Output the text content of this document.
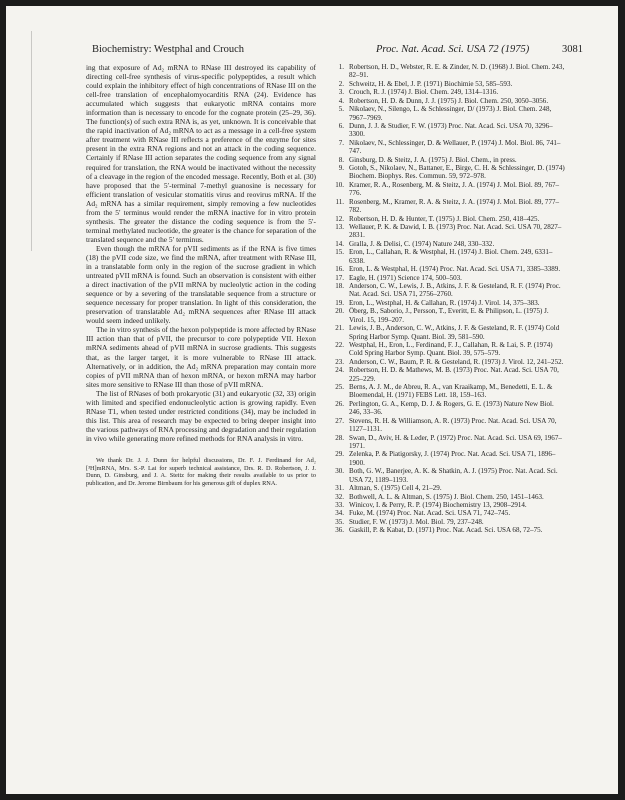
Biochemistry: Westphal and Crouch	Proc. Nat. Acad. Sci. USA 72 (1975)	3081

ing that exposure of Ad₂ mRNA to RNase III destroyed its capability of directing cell-free synthesis of virus-specific polypeptides, a result which could explain the inhibitory effect of high concentrations of RNase III on the cell-free translation of encephalomyocarditis RNA (24). Evidence has accumulated which suggests that eukaryotic mRNA contains more information than is necessary to encode for the cognate protein (25–29, 36). The function(s) of such extra RNA is, as yet, unknown. It is conceivable that the rapid inactivation of Ad₂ mRNA to act as a message in a cell-free system after treatment with RNase III reflects a preference of the enzyme for sites present in the extra RNA regions and not an attack in the coding sequence. Certainly if RNase III action separates the coding sequence from any signal required for translation, the RNA would be inactivated without the necessity of a cleavage in the region of the encoded message. Recently, Both et al. (30) have proposed that the 5′-terminal 7-methyl guanosine is necessary for efficient translation of vesicular stomatitis virus and reovirus mRNA. If the Ad₂ mRNA has a similar requirement, simply removing a few nucleotides from the 5′ terminus would render the mRNA inactive for in vitro protein synthesis. The greater the distance the coding sequence is from the 5′-terminal methylated nucleotide, the greater is the chance for separation of the translated sequence and the 5′ terminus.

Even though the mRNA for pVII sediments as if the RNA is five times (18) the pVII code size, we find the mRNA, after treatment with RNase III, in a translatable form only in the region of the sucrose gradient in which untreated pVII mRNA is found. Such an observation is consistent with either a direct inactivation of the pVII mRNA by nucleolytic action in the coding sequence or by a severing of the translatable sequence from a structure or sequence necessary for proper translation. In light of this consideration, the preservation of translatable Ad₂ mRNA sequences after RNase III attack would seem indeed unlikely.

The in vitro synthesis of the hexon polypeptide is more affected by RNase III action than that of pVII, the precursor to core polypeptide VII. Hexon mRNA sediments ahead of pVII mRNA in sucrose gradients. This suggests that, as the larger target, it is more vulnerable to RNase III attack. Alternatively, or in addition, the Ad₂ mRNA preparation may contain more copies of pVII mRNA than of hexon mRNA, or hexon mRNA may harbor sites more sensitive to RNase III than those of pVII mRNA.

The list of RNases of both prokaryotic (31) and eukaryotic (32, 33) origin with limited and specified endonucleolytic action is growing rapidly. Even RNase T1, when tested under restricted conditions (34), may be included in this list. This area of research may be expected to bring deeper insight into the various pathways of RNA processing and degradation and their regulation in vivo while generating more refined methods for RNA analysis in vitro.

We thank Dr. J. J. Dunn for helpful discussions, Dr. F. J. Ferdinand for Ad₂ [³H]mRNA, Mrs. S.-P. Lai for superb technical assistance, Drs. R. D. Robertson, J. J. Dunn, D. Ginsburg, and J. A. Steitz for making their results available to us prior to publication, and Dr. Jerome Birnbaum for his generous gift of duplex RNA.

1. Robertson, H. D., Webster, R. E. & Zinder, N. D. (1968) J. Biol. Chem. 243, 82–91.
2. Schweitz, H. & Ebel, J. P. (1971) Biochimie 53, 585–593.
3. Crouch, R. J. (1974) J. Biol. Chem. 249, 1314–1316.
4. Robertson, H. D. & Dunn, J. J. (1975) J. Biol. Chem. 250, 3050–3056.
5. Nikolaev, N., Silengo, L. & Schlessinger, D/ (1973) J. Biol. Chem. 248, 7967–7969.
6. Dunn, J. J. & Studier, F. W. (1973) Proc. Nat. Acad. Sci. USA 70, 3296–3300.
7. Nikolaev, N., Schlessinger, D. & Wellauer, P. (1974) J. Mol. Biol. 86, 741–747.
8. Ginsburg, D. & Steitz, J. A. (1975) J. Biol. Chem., in press.
9. Gotoh, S., Nikolaev, N., Battaner, E., Birge, C. H. & Schlessinger, D. (1974) Biochem. Biophys. Res. Commun. 59, 972–978.
10. Kramer, R. A., Rosenberg, M. & Steitz, J. A. (1974) J. Mol. Biol. 89, 767–776.
11. Rosenberg, M., Kramer, R. A. & Steitz, J. A. (1974) J. Mol. Biol. 89, 777–782.
12. Robertson, H. D. & Hunter, T. (1975) J. Biol. Chem. 250, 418–425.
13. Wellauer, P. K. & Dawid, I. B. (1973) Proc. Nat. Acad. Sci. USA 70, 2827–2831.
14. Gralla, J. & Delisi, C. (1974) Nature 248, 330–332.
15. Eron, L., Callahan, R. & Westphal, H. (1974) J. Biol. Chem. 249, 6331–6338.
16. Eron, L. & Westphal, H. (1974) Proc. Nat. Acad. Sci. USA 71, 3385–3389.
17. Eagle, H. (1971) Science 174, 500–503.
18. Anderson, C. W., Lewis, J. B., Atkins, J. F. & Gesteland, R. F. (1974) Proc. Nat. Acad. Sci. USA 71, 2756–2760.
19. Eron, L., Westphal, H. & Callahan, R. (1974) J. Virol. 14, 375–383.
20. Öberg, B., Saborio, J., Persson, T., Everitt, E. & Philipson, L. (1975) J. Virol. 15, 199–207.
21. Lewis, J. B., Anderson, C. W., Atkins, J. F. & Gesteland, R. F. (1974) Cold Spring Harbor Symp. Quant. Biol. 39, 581–590.
22. Westphal, H., Eron, L., Ferdinand, F. J., Callahan, R. & Lai, S. P. (1974) Cold Spring Harbor Symp. Quant. Biol. 39, 575–579.
23. Anderson, C. W., Baum, P. R. & Gesteland, R. (1973) J. Virol. 12, 241–252.
24. Robertson, H. D. & Mathews, M. B. (1973) Proc. Nat. Acad. Sci. USA 70, 225–229.
25. Berns, A. J. M., de Abreu, R. A., van Kraaikamp, M., Benedetti, E. L. & Bloemendal, H. (1971) FEBS Lett. 18, 159–163.
26. Perlington, G. A., Kemp, D. J. & Rogers, G. E. (1973) Nature New Biol. 246, 33–36.
27. Stevens, R. H. & Williamson, A. R. (1973) Proc. Nat. Acad. Sci. USA 70, 1127–1131.
28. Swan, D., Aviv, H. & Leder, P. (1972) Proc. Nat. Acad. Sci. USA 69, 1967–1971.
29. Zelenka, P. & Piatigorsky, J. (1974) Proc. Nat. Acad. Sci. USA 71, 1896–1900.
30. Both, G. W., Banerjee, A. K. & Shatkin, A. J. (1975) Proc. Nat. Acad. Sci. USA 72, 1189–1193.
31. Altman, S. (1975) Cell 4, 21–29.
32. Bothwell, A. L. & Altman, S. (1975) J. Biol. Chem. 250, 1451–1463.
33. Winicov, I. & Perry, R. P. (1974) Biochemistry 13, 2908–2914.
34. Fuke, M. (1974) Proc. Nat. Acad. Sci. USA 71, 742–745.
35. Studier, F. W. (1973) J. Mol. Biol. 79, 237–248.
36. Gaskill, P. & Kabat, D. (1971) Proc. Nat. Acad. Sci. USA 68, 72–75.
